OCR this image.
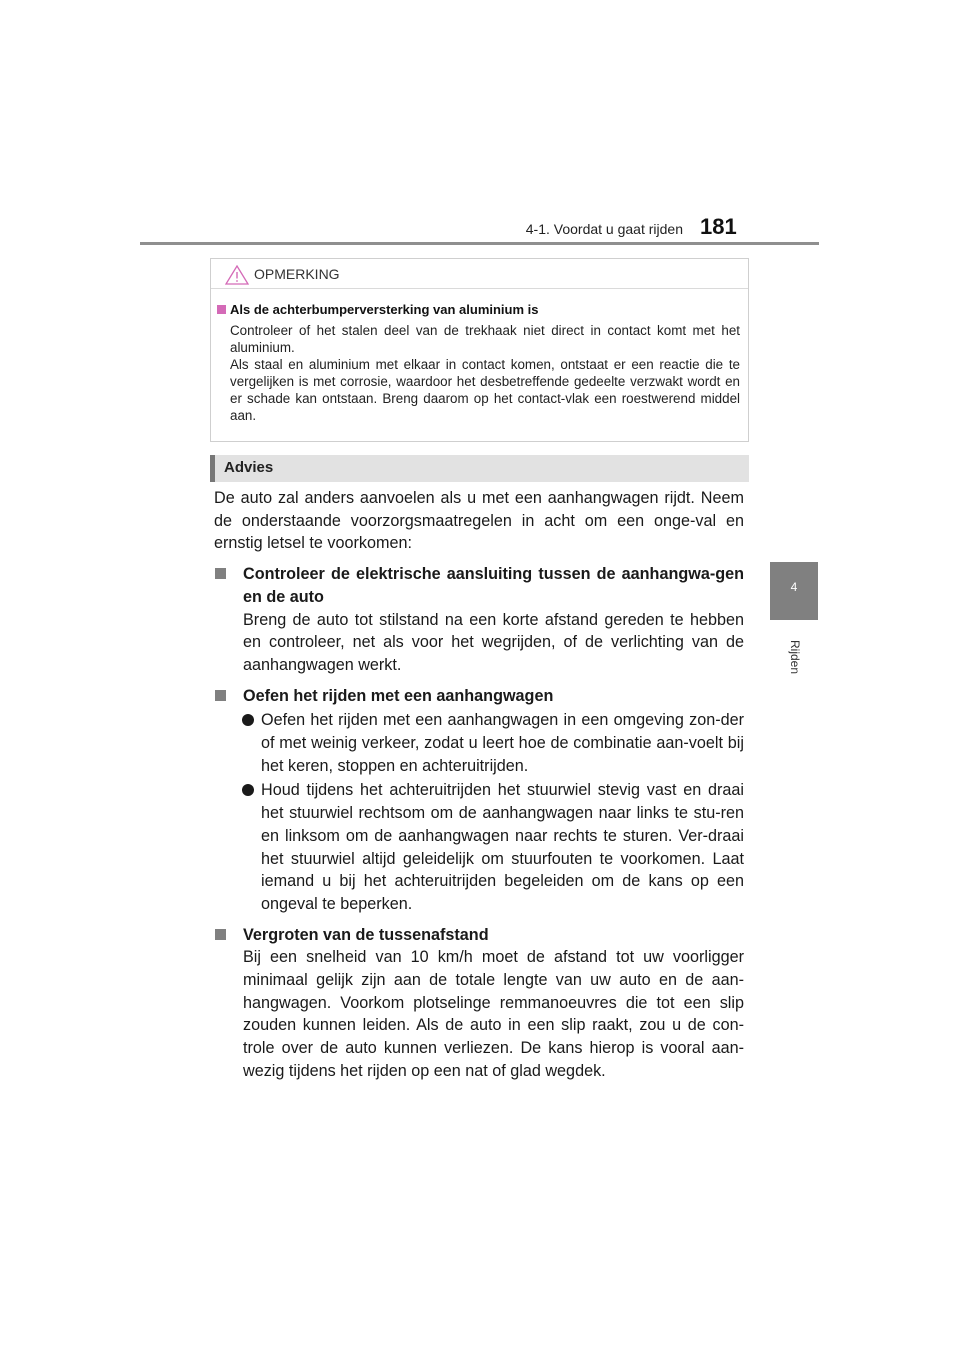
4-1. Voordat u gaat rijden 181
4
Rijden
OPMERKING
Als de achterbumperversterking van aluminium is

Controleer of het stalen deel van de trekhaak niet direct in contact komt met het aluminium.

Als staal en aluminium met elkaar in contact komen, ontstaat er een reactie die te vergelijken is met corrosie, waardoor het desbetreffende gedeelte verzwakt wordt en er schade kan ontstaan. Breng daarom op het contact-vlak een roestwerend middel aan.

Advies

De auto zal anders aanvoelen als u met een aanhangwagen rijdt. Neem de onderstaande voorzorgsmaatregelen in acht om een onge-val en ernstig letsel te voorkomen:

Controleer de elektrische aansluiting tussen de aanhangwa-gen en de auto

Breng de auto tot stilstand na een korte afstand gereden te hebben en controleer, net als voor het wegrijden, of de verlichting van de aanhangwagen werkt.

Oefen het rijden met een aanhangwagen
Oefen het rijden met een aanhangwagen in een omgeving zon-der of met weinig verkeer, zodat u leert hoe de combinatie aan-voelt bij het keren, stoppen en achteruitrijden.
Houd tijdens het achteruitrijden het stuurwiel stevig vast en draai het stuurwiel rechtsom om de aanhangwagen naar links te stu-ren en linksom om de aanhangwagen naar rechts te sturen. Ver-draai het stuurwiel altijd geleidelijk om stuurfouten te voorkomen. Laat iemand u bij het achteruitrijden begeleiden om de kans op een ongeval te beperken.
Vergroten van de tussenafstand

Bij een snelheid van 10 km/h moet de afstand tot uw voorligger minimaal gelijk zijn aan de totale lengte van uw auto en de aan-hangwagen. Voorkom plotselinge remmanoeuvres die tot een slip zouden kunnen leiden. Als de auto in een slip raakt, zou u de con-trole over de auto kunnen verliezen. De kans hierop is vooral aan-wezig tijdens het rijden op een nat of glad wegdek.
